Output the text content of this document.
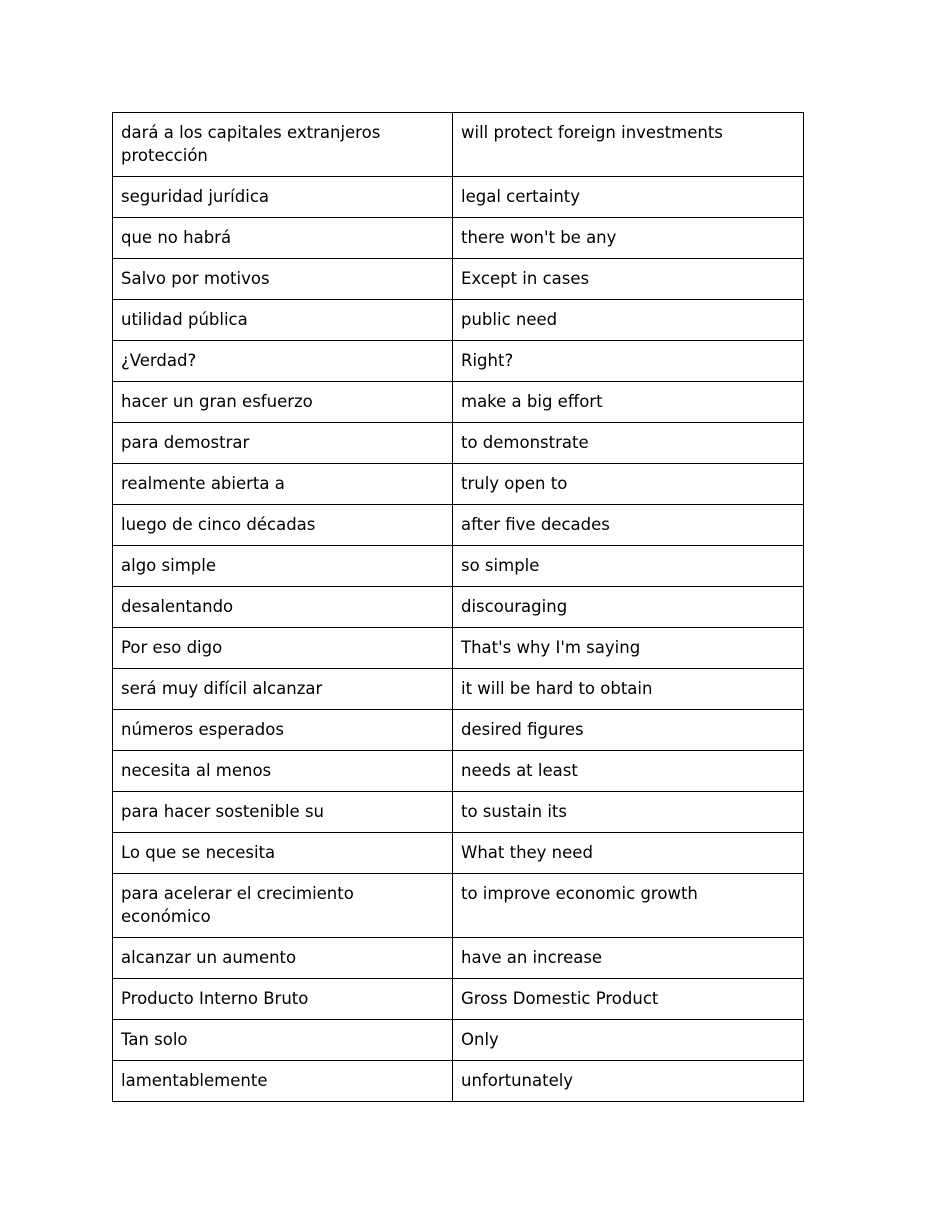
dará a los capitales extranjeros protección	will protect foreign investments
seguridad jurídica	legal certainty
que no habrá	there won't be any
Salvo por motivos	Except in cases
utilidad pública	public need
¿Verdad?	Right?
hacer un gran esfuerzo	make a big effort
para demostrar	to demonstrate
realmente abierta a	truly open to
luego de cinco décadas	after five decades
algo simple	so simple
desalentando	discouraging
Por eso digo	That's why I'm saying
será muy difícil alcanzar	it will be hard to obtain
números esperados	desired figures
necesita al menos	needs at least
para hacer sostenible su	to sustain its
Lo que se necesita	What they need
para acelerar el crecimiento económico	to improve economic growth
alcanzar un aumento	have an increase
Producto Interno Bruto	Gross Domestic Product
Tan solo	Only
lamentablemente	unfortunately
